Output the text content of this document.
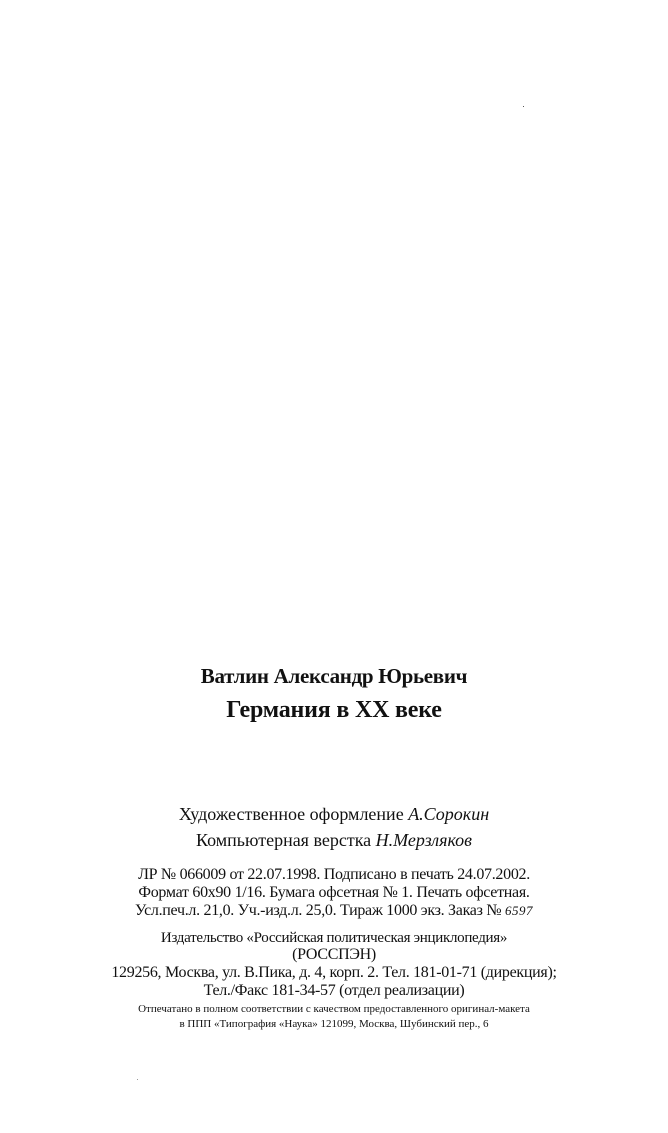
Ватлин Александр Юрьевич
Германия в XX веке
Художественное оформление А.Сорокин
Компьютерная верстка Н.Мерзляков
ЛР № 066009 от 22.07.1998. Подписано в печать 24.07.2002.
Формат 60x90 1/16. Бумага офсетная № 1. Печать офсетная.
Усл.печ.л. 21,0. Уч.-изд.л. 25,0. Тираж 1000 экз. Заказ № 6597
Издательство «Российская политическая энциклопедия»
(РОССПЭН)
129256, Москва, ул. В.Пика, д. 4, корп. 2. Тел. 181-01-71 (дирекция);
Тел./Факс 181-34-57 (отдел реализации)
Отпечатано в полном соответствии с качеством предоставленного оригинал-макета
в ППП «Типография «Наука» 121099, Москва, Шубинский пер., 6
